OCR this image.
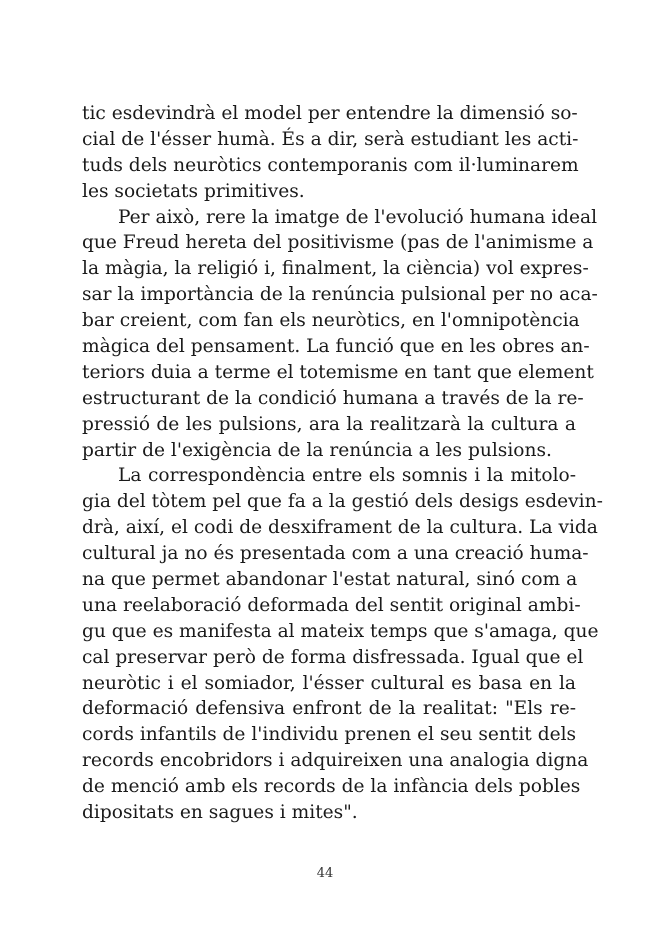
tic esdevindrà el model per entendre la dimensió so-
cial de l'ésser humà. És a dir, serà estudiant les acti-
tuds dels neuròtics contemporanis com il·luminarem
les societats primitives.
Per això, rere la imatge de l'evolució humana ideal
que Freud hereta del positivisme (pas de l'animisme a
la màgia, la religió i, finalment, la ciència) vol expres-
sar la importància de la renúncia pulsional per no aca-
bar creient, com fan els neuròtics, en l'omnipotència
màgica del pensament. La funció que en les obres an-
teriors duia a terme el totemisme en tant que element
estructurant de la condició humana a través de la re-
pressió de les pulsions, ara la realitzarà la cultura a
partir de l'exigència de la renúncia a les pulsions.
La correspondència entre els somnis i la mitolo-
gia del tòtem pel que fa a la gestió dels desigs esdevin-
drà, així, el codi de desxiframent de la cultura. La vida
cultural ja no és presentada com a una creació huma-
na que permet abandonar l'estat natural, sinó com a
una reelaboració deformada del sentit original ambi-
gu que es manifesta al mateix temps que s'amaga, que
cal preservar però de forma disfressada. Igual que el
neuròtic i el somiador, l'ésser cultural es basa en la
deformació defensiva enfront de la realitat: "Els re-
cords infantils de l'individu prenen el seu sentit dels
records encobridors i adquireixen una analogia digna
de menció amb els records de la infància dels pobles
dipositats en sagues i mites".
44
